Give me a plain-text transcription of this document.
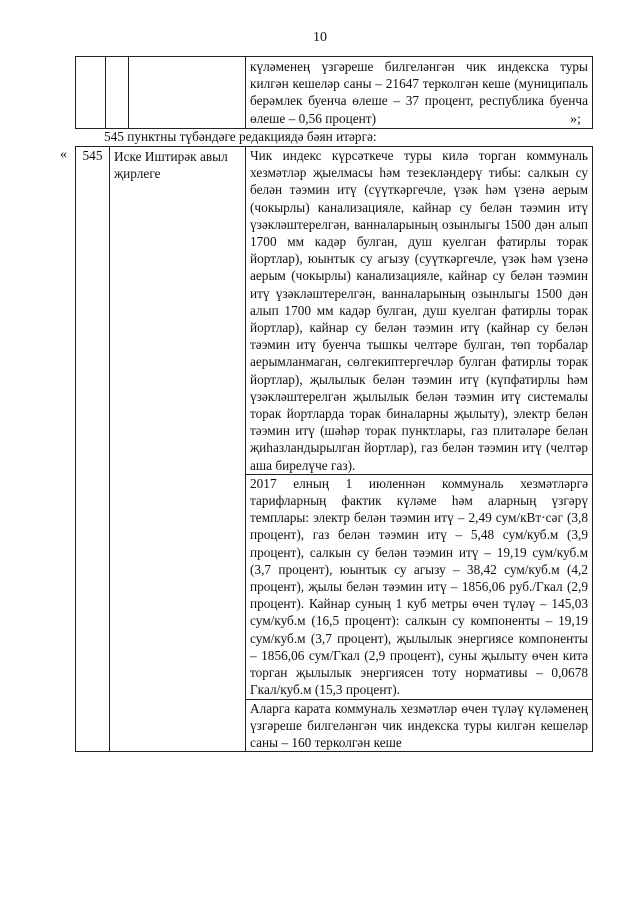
10

күләменең үзгәреше билгеләнгән чик индекска туры килгән кешеләр саны – 21647 терколгән кеше (муниципаль берәмлек буенча өлеше – 37 процент, республика буенча өлеше – 0,56 процент)	»;
545 пунктны түбәндәге редакциядә бəян итəргә:
« 545	Иске Иштирәк авыл җирлеге	

Чик индекс күрсәткече туры килә торган коммуналь хезмәтләр җыелмасы һәм тезекләндерү тибы: салкын су белән тәэмин итү (сүүткәргечле, үзәк һәм үзенә аерым (чокырлы) канализацияле, кайнар су белән тәэмин итү үзәкләштерелгән, ванналарының озынлыгы 1500 дән алып 1700 мм кадәр булган, душ куелган фатирлы торак йортлар), юынтык су агызу (суүткәргечле, үзәк һәм үзенә аерым (чокырлы) канализацияле, кайнар су белән тәэмин итү үзәкләштерелгән, ванналарының озынлыгы 1500 дән алып 1700 мм кадәр булган, душ куелган фатирлы торак йортлар), кайнар су белән тәэмин итү (кайнар су белән тәэмин итү буенча тышкы челтәре булган, төп торбалар аерымланмаган, сөлгекиптергечләр булган фатирлы торак йортлар), җылылык белән тәэмин итү (күпфатирлы һәм үзәкләштерелгән җылылык белән тәэмин итү системалы торак йортларда торак биналарны җылыту), электр белән тәэмин итү (шәһәр торак пунктлары, газ плитәләре белән җиһазландырылган йортлар), газ белән тәэмин итү (челтәр аша бирелүче газ).

2017 елның 1 июленнән коммуналь хезмәтләргә тарифларның фактик күләме һәм аларның үзгәрү темплары: электр белән тәэмин итү – 2,49 сум/кВт·сәг (3,8 процент), газ белән тәэмин итү – 5,48 сум/куб.м (3,9 процент), салкын су белән тәэмин итү – 19,19 сум/куб.м (3,7 процент), юынтык су агызу – 38,42 сум/куб.м (4,2 процент), җылы белән тәэмин итү – 1856,06 руб./Гкал (2,9 процент). Кайнар суның 1 куб метры өчен түләү – 145,03 сум/куб.м (16,5 процент): салкын су компоненты – 19,19 сум/куб.м (3,7 процент), җылылык энергиясе компоненты – 1856,06 сум/Гкал (2,9 процент), суны җылыту өчен китә торган җылылык энергиясен тоту нормативы – 0,0678 Гкал/куб.м (15,3 процент).

Аларга карата коммуналь хезмәтләр өчен түләү күләменең үзгәреше билгеләнгән чик индекска туры килгән кешеләр саны – 160 терколгән кеше
